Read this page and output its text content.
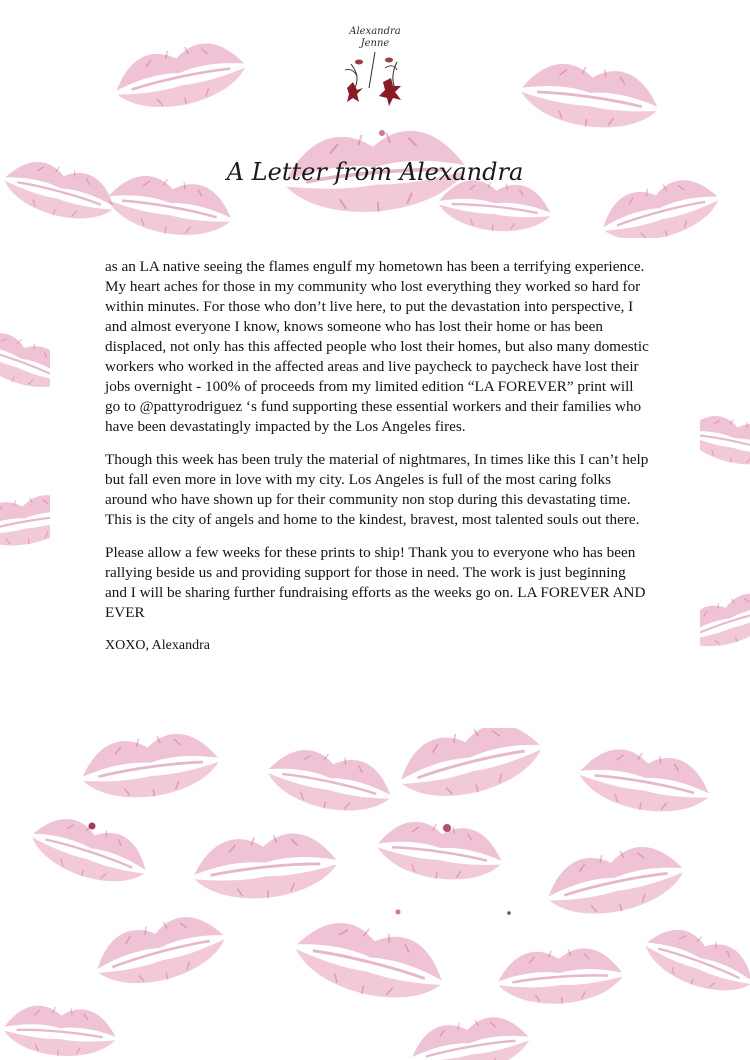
Alexandra
Jenne
A Letter from Alexandra

as an LA native seeing the flames engulf my hometown has been a terrifying experience. My heart aches for those in my community who lost everything they worked so hard for within minutes. For those who don’t live here, to put the devastation into perspective, I and almost everyone I know, knows someone who has lost their home or has been displaced, not only has this affected people who lost their homes, but also many domestic workers who worked in the affected areas and live paycheck to paycheck have lost their jobs overnight - 100% of proceeds from my limited edition “LA FOREVER” print will go to @pattyrodriguez ‘s fund supporting these essential workers and their families who have been devastatingly impacted by the Los Angeles fires.

Though this week has been truly the material of nightmares, In times like this I can’t help but fall even more in love with my city. Los Angeles is full of the most caring folks around who have shown up for their community non stop during this devastating time. This is the city of angels and home to the kindest, bravest, most talented souls out there.

Please allow a few weeks for these prints to ship! Thank you to everyone who has been rallying beside us and providing support for those in need. The work is just beginning and I will be sharing further fundraising efforts as the weeks go on. LA FOREVER AND EVER

XOXO, Alexandra
